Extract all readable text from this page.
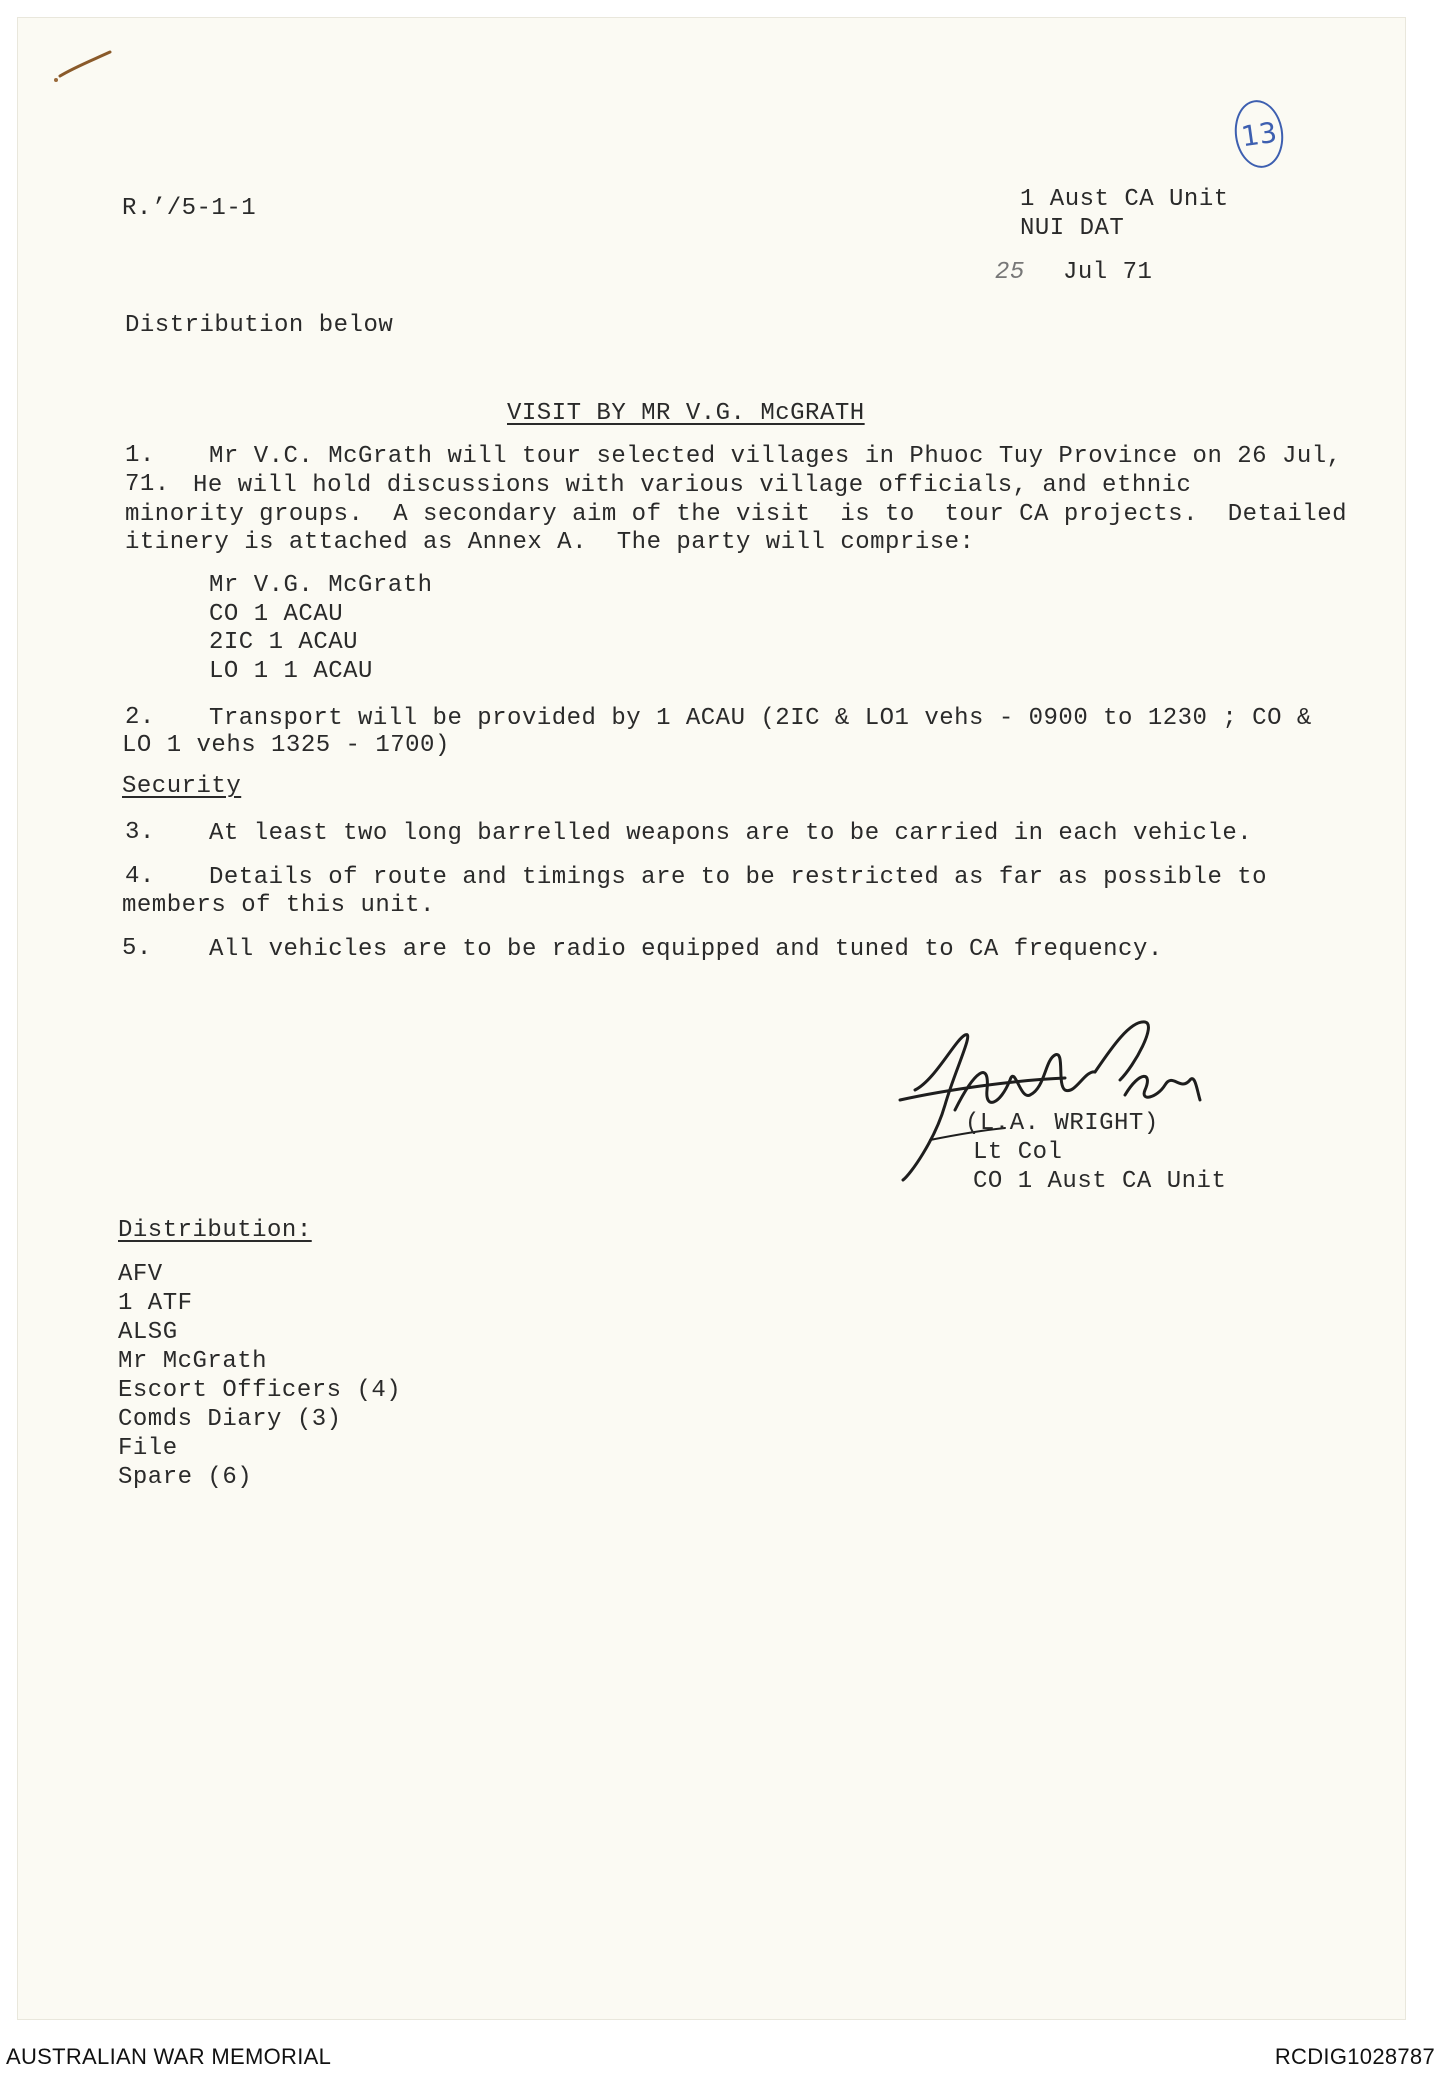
13
R.’/5-1-1	1 Aust CA Unit
NUI DAT
25 Jul 71
Distribution below
VISIT BY MR V.G. McGRATH
1. Mr V.C. McGrath will tour selected villages in Phuoc Tuy Province on 26 Jul,
71. He will hold discussions with various village officials, and ethnic
minority groups.  A secondary aim of the visit  is to  tour CA projects.  Detailed
itinery is attached as Annex A.  The party will comprise:
Mr V.G. McGrath
CO 1 ACAU
2IC 1 ACAU
LO 1 1 ACAU
2. Transport will be provided by 1 ACAU (2IC & LO1 vehs - 0900 to 1230 ; CO &
LO 1 vehs 1325 - 1700)
Security
3. At least two long barrelled weapons are to be carried in each vehicle.
4. Details of route and timings are to be restricted as far as possible to
members of this unit.
5. All vehicles are to be radio equipped and tuned to CA frequency.
(L.A. WRIGHT)
Lt Col
CO 1 Aust CA Unit
Distribution:
AFV
1 ATF
ALSG
Mr McGrath
Escort Officers (4)
Comds Diary (3)
File
Spare (6)
AUSTRALIAN WAR MEMORIAL	RCDIG1028787
